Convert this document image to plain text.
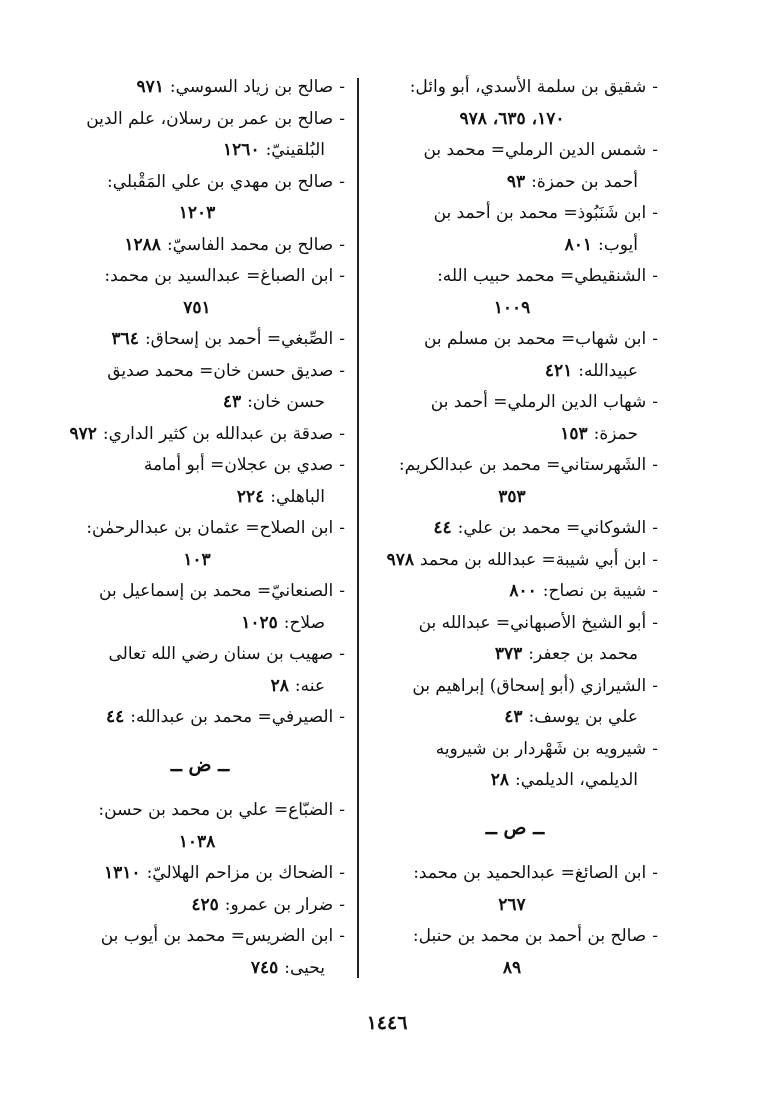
-شقيق بن سلمة الأسدي، أبو وائل:
١٧٠، ٦٣٥، ٩٧٨
-شمس الدين الرملي= محمد بن
أحمد بن حمزة:٩٣
-ابن شَنَبُوذ= محمد بن أحمد بن
أيوب:٨٠١
-الشنقيطي= محمد حبيب الله:
١٠٠٩
-ابن شهاب= محمد بن مسلم بن
عبيدالله:٤٢١
-شهاب الدين الرملي= أحمد بن
حمزة:١٥٣
-الشَهرستاني= محمد بن عبدالكريم:
٣٥٣
-الشوكاني= محمد بن علي:٤٤
-ابن أبي شيبة= عبدالله بن محمد٩٧٨
-شيبة بن نصاح:٨٠٠
-أبو الشيخ الأصبهاني= عبدالله بن
محمد بن جعفر:٣٧٣
-الشيرازي (أبو إسحاق) إبراهيم بن
علي بن يوسف:٤٣
-شيرويه بن شَهْردار بن شيرويه
الديلمي، الديلمي:٢٨
ــ ص ــ
-ابن الصائغ= عبدالحميد بن محمد:
٢٦٧
-صالح بن أحمد بن محمد بن حنبل:
٨٩
-صالح بن زياد السوسي:٩٧١
-صالح بن عمر بن رسلان، علم الدين
البُلقينيّ:١٢٦٠
-صالح بن مهدي بن علي المَقْبلي:
١٢٠٣
-صالح بن محمد الفاسيّ:١٢٨٨
-ابن الصباغ= عبدالسيد بن محمد:
٧٥١
-الصِّبغي= أحمد بن إسحاق:٣٦٤
-صديق حسن خان= محمد صديق
حسن خان:٤٣
-صدقة بن عبدالله بن كثير الداري:٩٧٢
-صدي بن عجلان= أبو أمامة
الباهلي:٢٢٤
-ابن الصلاح= عثمان بن عبدالرحمٰن:
١٠٣
-الصنعانيّ= محمد بن إسماعيل بن
صلاح:١٠٢٥
-صهيب بن سنان رضي الله تعالى
عنه:٢٨
-الصيرفي= محمد بن عبدالله:٤٤
ــ ض ــ
-الضبّاع= علي بن محمد بن حسن:
١٠٣٨
-الضحاك بن مزاحم الهلاليّ:١٣١٠
-ضرار بن عمرو:٤٢٥
-ابن الضريس= محمد بن أيوب بن
يحيى:٧٤٥
١٤٤٦
